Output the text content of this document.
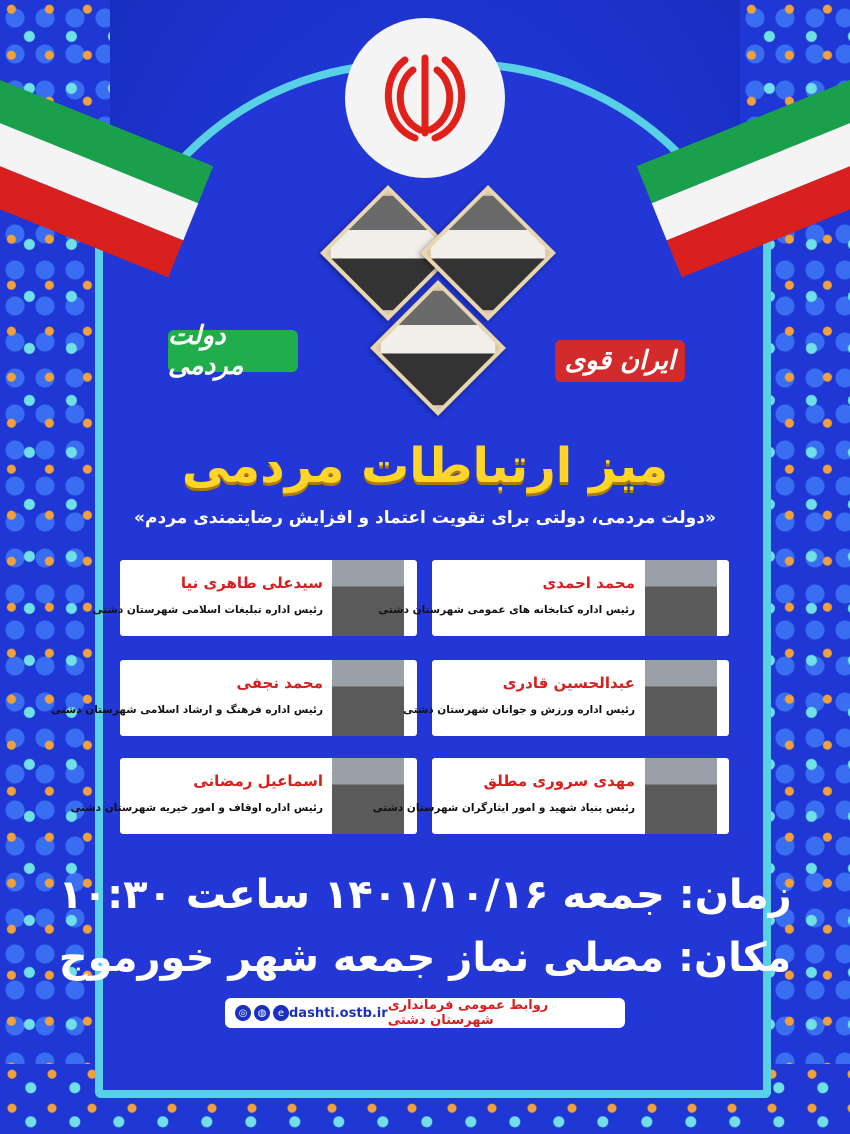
دولت مردمی	ایران قوی
میز ارتباطات مردمی
«دولت مردمی، دولتی برای تقویت اعتماد و افزایش رضایتمندی مردم»
سیدعلی طاهری نیا
رئیس اداره تبلیغات اسلامی شهرستان دشتی
محمد احمدی
رئیس اداره کتابخانه های عمومی شهرستان دشتی
محمد نجفی
رئیس اداره فرهنگ و ارشاد اسلامی شهرستان دشتی
عبدالحسین قادری
رئیس اداره ورزش و جوانان شهرستان دشتی
اسماعیل رمضانی
رئیس اداره اوقاف و امور خیریه شهرستان دشتی
مهدی سروری مطلق
رئیس بنیاد شهید و امور ایثارگران شهرستان دشتی
زمان: جمعه ۱۴۰۱/۱۰/۱۶ ساعت ۱۰:۳۰
مکان: مصلی نماز جمعه شهر خورموج
◎	◍	e dashti.ostb.ir روابط عمومی فرمانداری شهرستان دشتی
